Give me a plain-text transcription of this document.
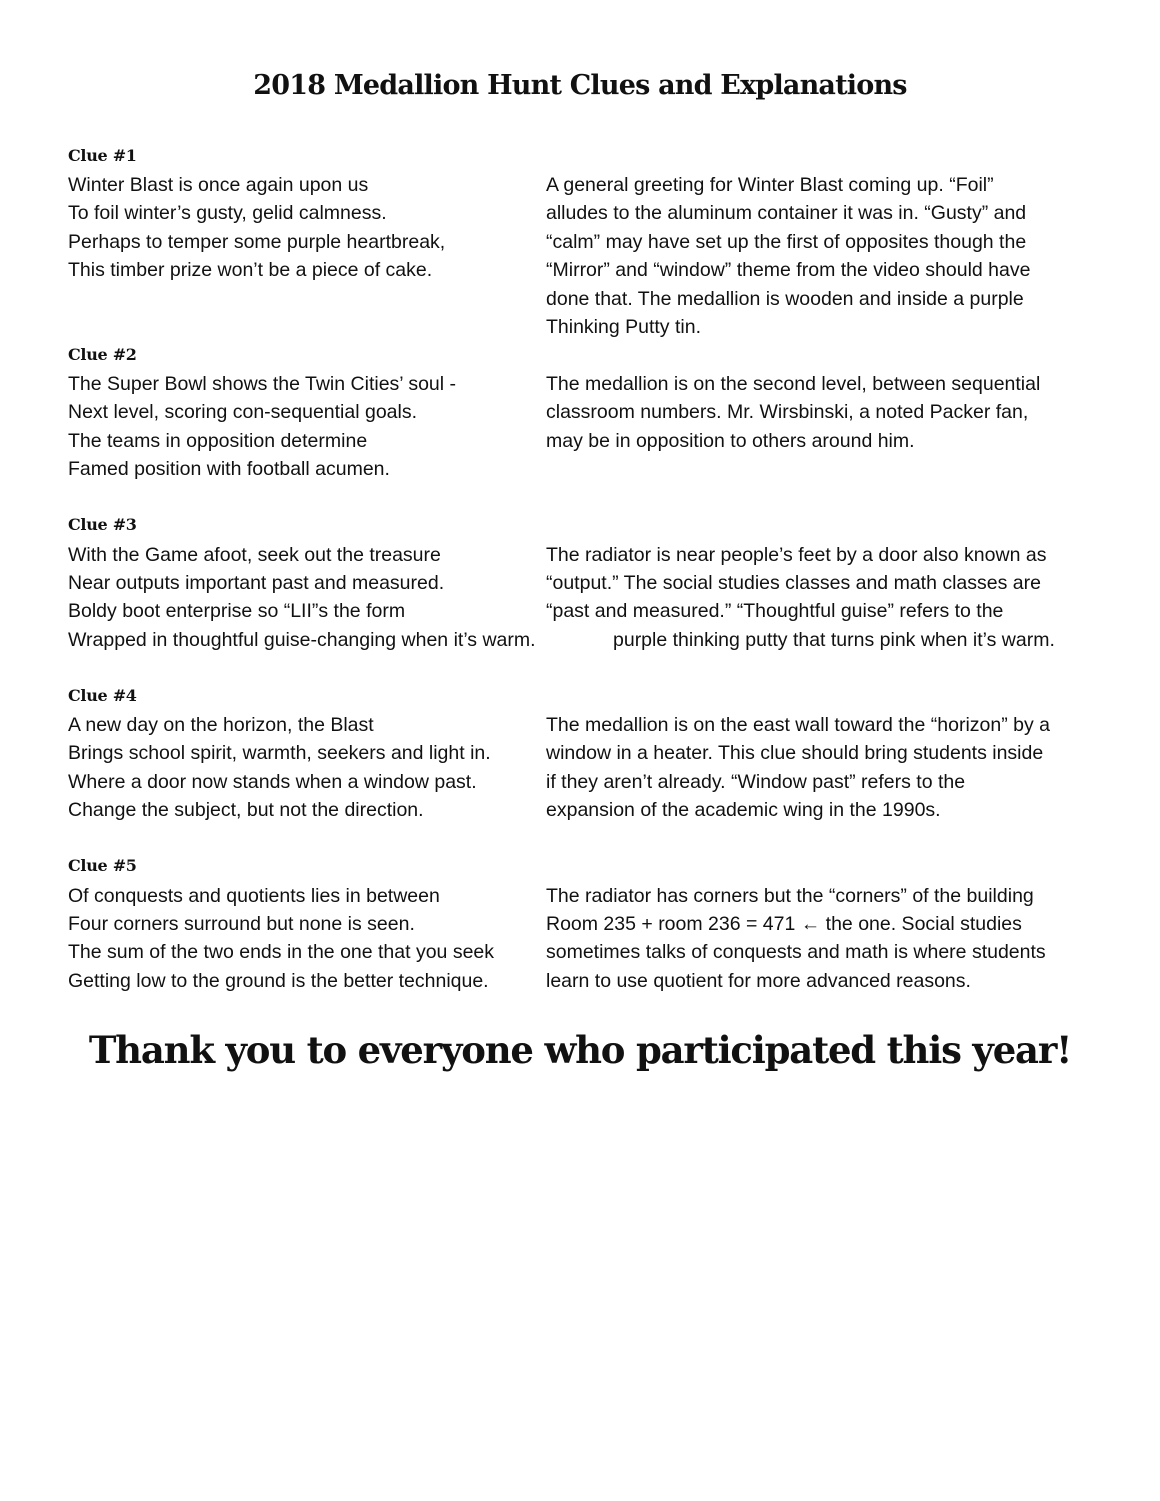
2018 Medallion Hunt Clues and Explanations
Clue #1
Winter Blast is once again upon us
To foil winter’s gusty, gelid calmness.
Perhaps to temper some purple heartbreak,
This timber prize won’t be a piece of cake.
A general greeting for Winter Blast coming up. “Foil”
alludes to the aluminum container it was in. “Gusty” and
“calm” may have set up the first of opposites though the
“Mirror” and “window” theme from the video should have
done that. The medallion is wooden and inside a purple
Thinking Putty tin.
Clue #2
The Super Bowl shows the Twin Cities’ soul -
Next level, scoring con-sequential goals.
The teams in opposition determine
Famed position with football acumen.
The medallion is on the second level, between sequential
classroom numbers. Mr. Wirsbinski, a noted Packer fan,
may be in opposition to others around him.
Clue #3
With the Game afoot, seek out the treasure
Near outputs important past and measured.
Boldy boot enterprise so “LII”s the form
Wrapped in thoughtful guise-changing when it’s warm.
The radiator is near people’s feet by a door also known as
“output.” The social studies classes and math classes are
“past and measured.” “Thoughtful guise” refers to the
purple thinking putty that turns pink when it’s warm.
Clue #4
A new day on the horizon, the Blast
Brings school spirit, warmth, seekers and light in.
Where a door now stands when a window past.
Change the subject, but not the direction.
The medallion is on the east wall toward the “horizon” by a
window in a heater. This clue should bring students inside
if they aren’t already. “Window past” refers to the
expansion of the academic wing in the 1990s.
Clue #5
Of conquests and quotients lies in between
Four corners surround but none is seen.
The sum of the two ends in the one that you seek
Getting low to the ground is the better technique.
The radiator has corners but the “corners” of the building
Room 235 + room 236 = 471 ← the one. Social studies
sometimes talks of conquests and math is where students
learn to use quotient for more advanced reasons.
Thank you to everyone who participated this year!
